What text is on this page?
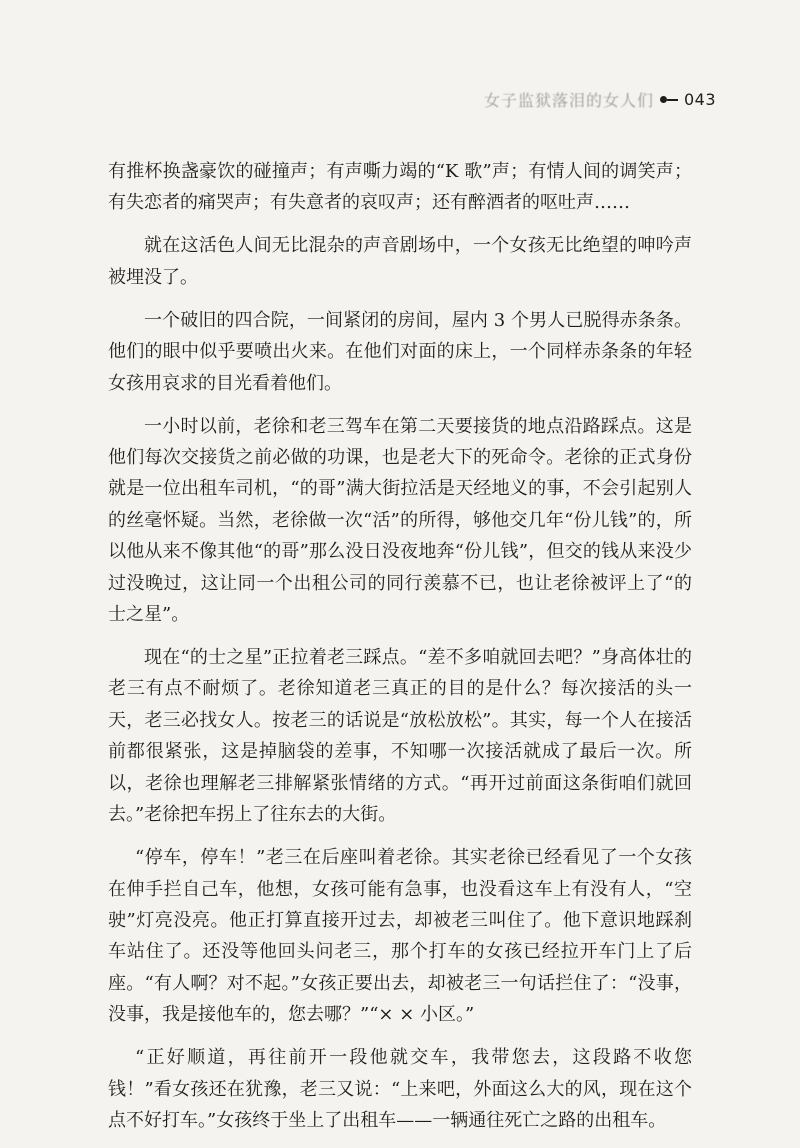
女子监狱落泪的女人们 043

有推杯换盏豪饮的碰撞声；有声嘶力竭的“K 歌”声；有情人间的调笑声；有失恋者的痛哭声；有失意者的哀叹声；还有醉酒者的呕吐声……

就在这活色人间无比混杂的声音剧场中，一个女孩无比绝望的呻吟声被埋没了。

一个破旧的四合院，一间紧闭的房间，屋内 3 个男人已脱得赤条条。他们的眼中似乎要喷出火来。在他们对面的床上，一个同样赤条条的年轻女孩用哀求的目光看着他们。

一小时以前，老徐和老三驾车在第二天要接货的地点沿路踩点。这是他们每次交接货之前必做的功课，也是老大下的死命令。老徐的正式身份就是一位出租车司机，“的哥”满大街拉活是天经地义的事，不会引起别人的丝毫怀疑。当然，老徐做一次“活”的所得，够他交几年“份儿钱”的，所以他从来不像其他“的哥”那么没日没夜地奔“份儿钱”，但交的钱从来没少过没晚过，这让同一个出租公司的同行羡慕不已，也让老徐被评上了“的士之星”。

现在“的士之星”正拉着老三踩点。“差不多咱就回去吧？”身高体壮的老三有点不耐烦了。老徐知道老三真正的目的是什么？每次接活的头一天，老三必找女人。按老三的话说是“放松放松”。其实，每一个人在接活前都很紧张，这是掉脑袋的差事，不知哪一次接活就成了最后一次。所以，老徐也理解老三排解紧张情绪的方式。“再开过前面这条街咱们就回去。”老徐把车拐上了往东去的大街。

“停车，停车！”老三在后座叫着老徐。其实老徐已经看见了一个女孩在伸手拦自己车，他想，女孩可能有急事，也没看这车上有没有人，“空驶”灯亮没亮。他正打算直接开过去，却被老三叫住了。他下意识地踩刹车站住了。还没等他回头问老三，那个打车的女孩已经拉开车门上了后座。“有人啊？对不起。”女孩正要出去，却被老三一句话拦住了：“没事，没事，我是接他车的，您去哪？”“× × 小区。”

“正好顺道，再往前开一段他就交车，我带您去，这段路不收您钱！”看女孩还在犹豫，老三又说：“上来吧，外面这么大的风，现在这个点不好打车。”女孩终于坐上了出租车——一辆通往死亡之路的出租车。
